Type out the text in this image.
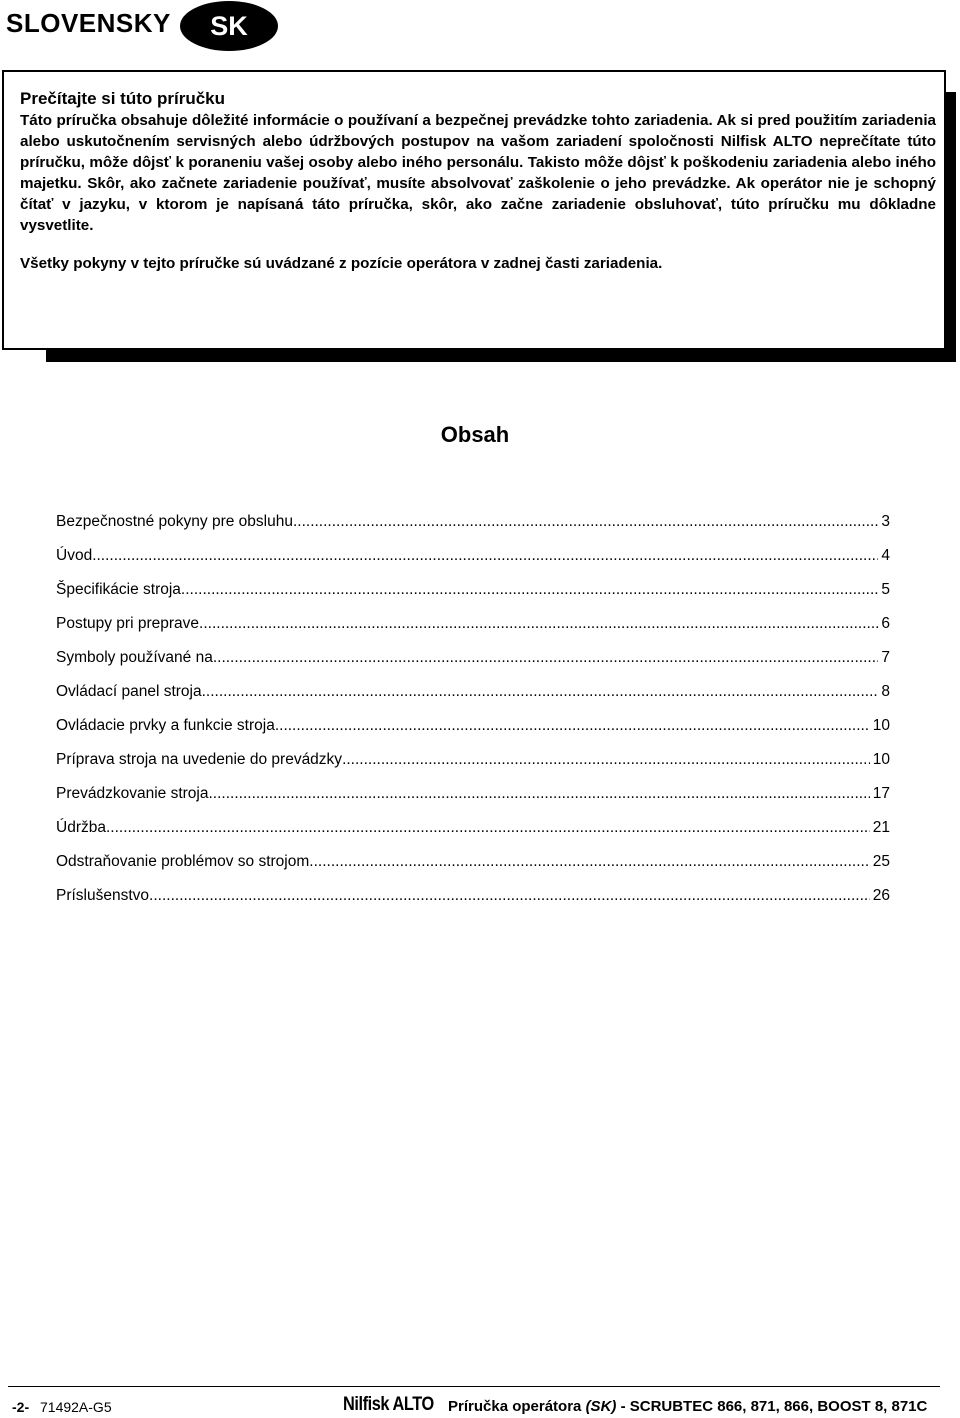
SLOVENSKY	SK
Prečítajte si túto príručku

Táto príručka obsahuje dôležité informácie o používaní a bezpečnej prevádzke tohto zariadenia. Ak si pred použitím zariadenia alebo uskutočnením servisných alebo údržbových postupov na vašom zariadení spoločnosti Nilfisk ALTO neprečítate túto príručku, môže dôjsť k poraneniu vašej osoby alebo iného personálu. Takisto môže dôjsť k poškodeniu zariadenia alebo iného majetku. Skôr, ako začnete zariadenie používať, musíte absolvovať zaškolenie o jeho prevádzke. Ak operátor nie je schopný čítať v jazyku, v ktorom je napísaná táto príručka, skôr, ako začne zariadenie obsluhovať, túto príručku mu dôkladne vysvetlite.

Všetky pokyny v tejto príručke sú uvádzané z pozície operátora v zadnej časti zariadenia.

Obsah
Bezpečnostné pokyny pre obsluhu .....	3
Úvod .....	4
Špecifikácie stroja .....	5
Postupy pri preprave .....	6
Symboly používané na .....	7
Ovládací panel stroja .....	8
Ovládacie prvky a funkcie stroja .....	10
Príprava stroja na uvedenie do prevádzky .....	10
Prevádzkovanie stroja .....	17
Údržba .....	21
Odstraňovanie problémov so strojom .....	25
Príslušenstvo .....	26
-2- 71492A-G5	Nilfisk ALTO Príručka operátora (SK) - SCRUBTEC 866, 871, 866, BOOST 8, 871C
